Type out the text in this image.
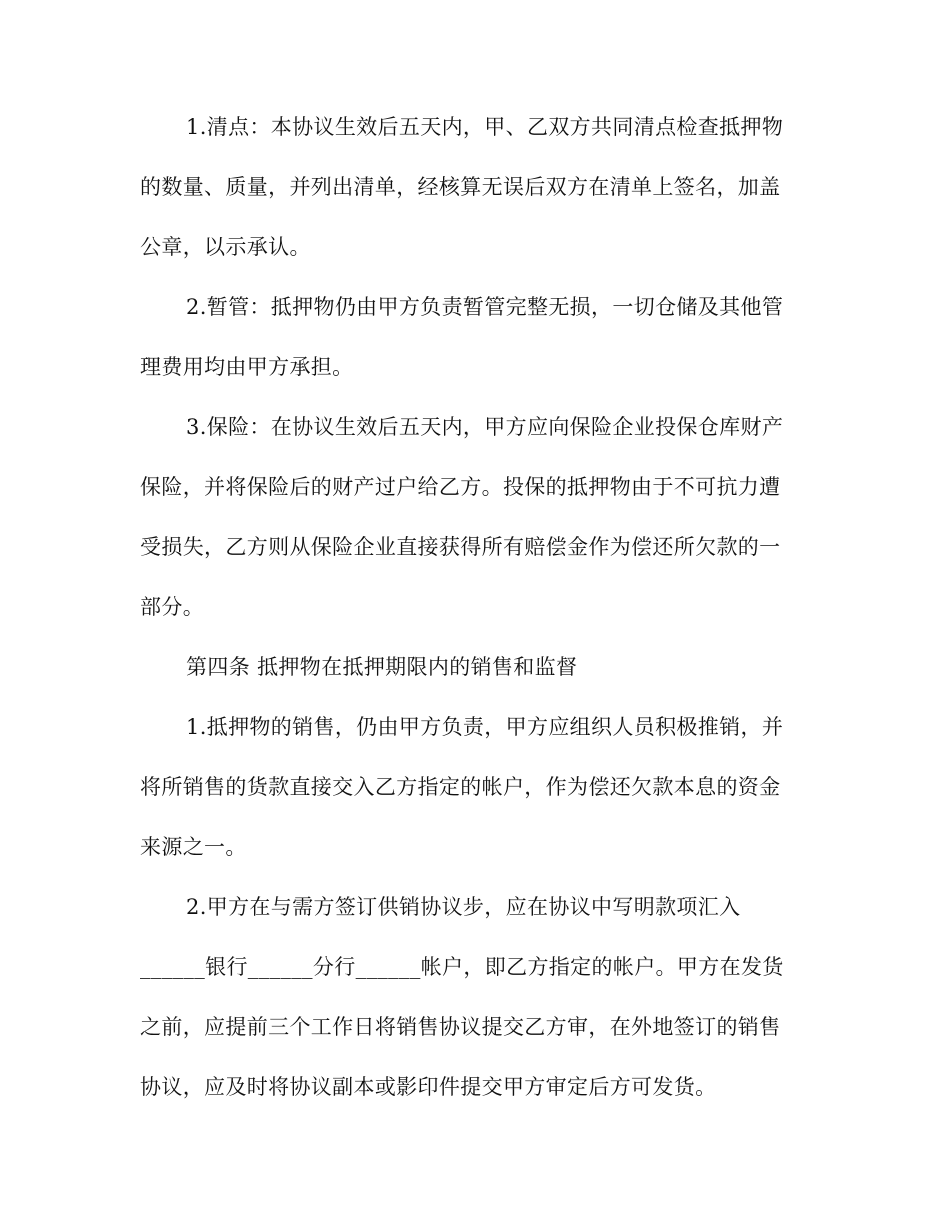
1.清点：本协议生效后五天内，甲、乙双方共同清点检查抵押物
的数量、质量，并列出清单，经核算无误后双方在清单上签名，加盖
公章，以示承认。
2.暂管：抵押物仍由甲方负责暂管完整无损，一切仓储及其他管
理费用均由甲方承担。
3.保险：在协议生效后五天内，甲方应向保险企业投保仓库财产
保险，并将保险后的财产过户给乙方。投保的抵押物由于不可抗力遭
受损失，乙方则从保险企业直接获得所有赔偿金作为偿还所欠款的一
部分。
第四条 抵押物在抵押期限内的销售和监督
1.抵押物的销售，仍由甲方负责，甲方应组织人员积极推销，并
将所销售的货款直接交入乙方指定的帐户，作为偿还欠款本息的资金
来源之一。
2.甲方在与需方签订供销协议步，应在协议中写明款项汇入
______银行______分行______帐户，即乙方指定的帐户。甲方在发货
之前，应提前三个工作日将销售协议提交乙方审，在外地签订的销售
协议，应及时将协议副本或影印件提交甲方审定后方可发货。
